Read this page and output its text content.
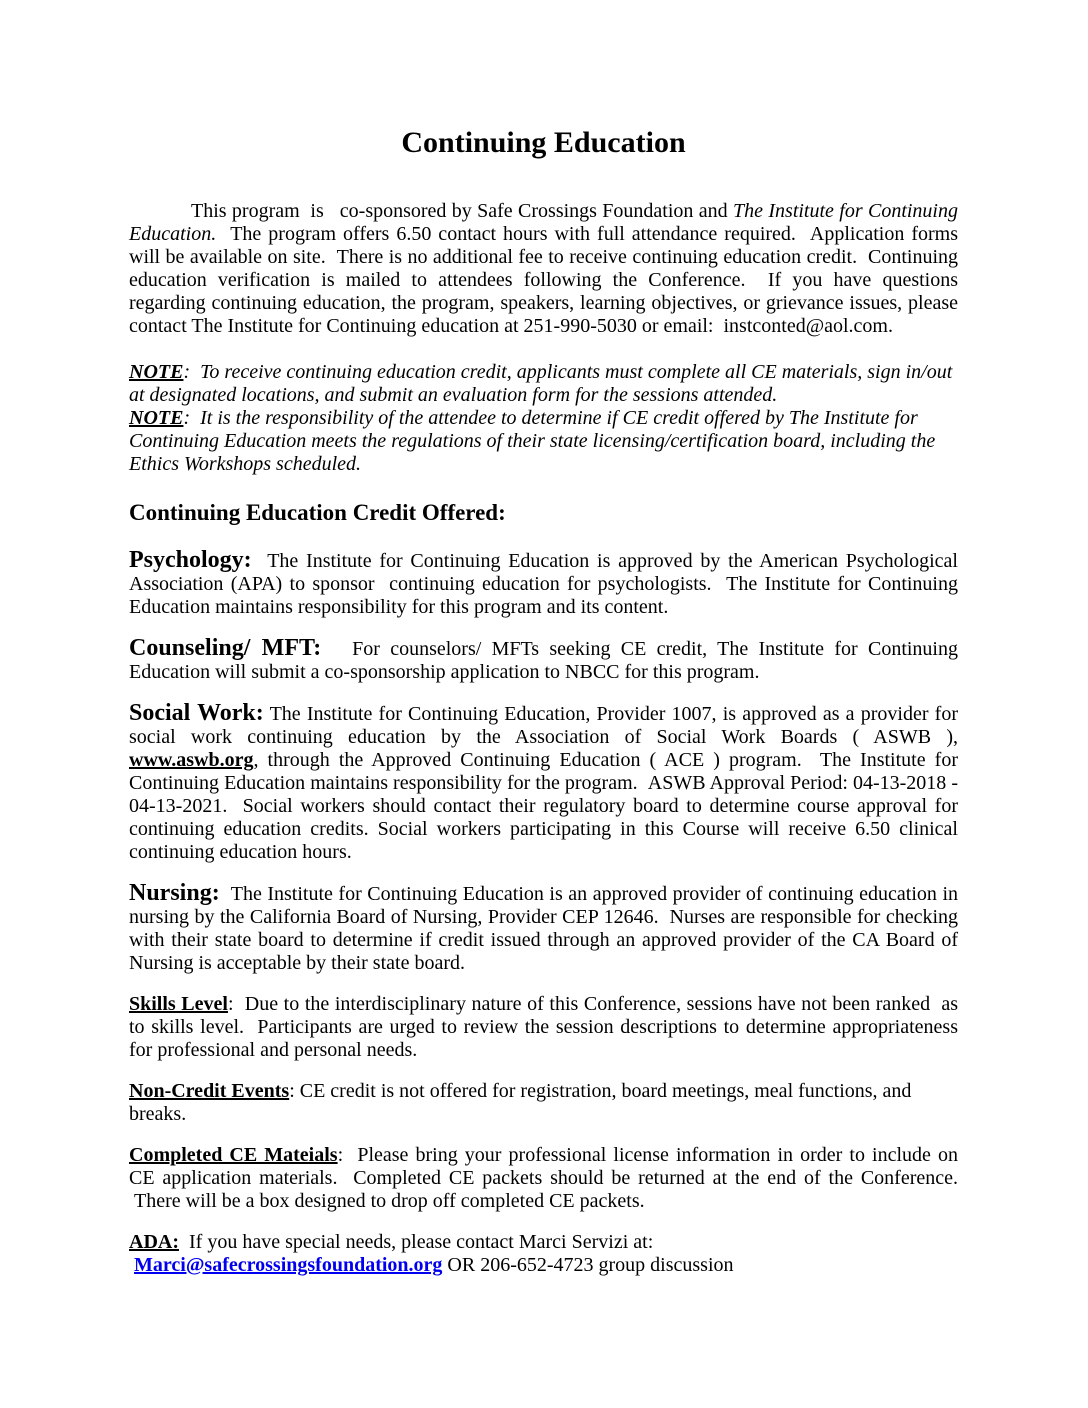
Continuing Education

This program  is   co-sponsored by Safe Crossings Foundation and The Institute for Continuing Education.  The program offers 6.50 contact hours with full attendance required.  Application forms will be available on site.  There is no additional fee to receive continuing education credit.  Continuing education verification is mailed to attendees following the Conference.  If you have questions regarding continuing education, the program, speakers, learning objectives, or grievance issues, please contact The Institute for Continuing education at 251-990-5030 or email:  instconted@aol.com.

NOTE:  To receive continuing education credit, applicants must complete all CE materials, sign in/out at designated locations, and submit an evaluation form for the sessions attended.

NOTE:  It is the responsibility of the attendee to determine if CE credit offered by The Institute for Continuing Education meets the regulations of their state licensing/certification board, including the Ethics Workshops scheduled.

Continuing Education Credit Offered:

Psychology:  The Institute for Continuing Education is approved by the American Psychological Association (APA) to sponsor  continuing education for psychologists.  The Institute for Continuing Education maintains responsibility for this program and its content.

Counseling/ MFT:   For counselors/ MFTs seeking CE credit, The Institute for Continuing Education will submit a co-sponsorship application to NBCC for this program.

Social Work: The Institute for Continuing Education, Provider 1007, is approved as a provider for social work continuing education by the Association of Social Work Boards ( ASWB ), www.aswb.org, through the Approved Continuing Education ( ACE ) program.  The Institute for Continuing Education maintains responsibility for the program.  ASWB Approval Period: 04-13-2018 - 04-13-2021.  Social workers should contact their regulatory board to determine course approval for continuing education credits. Social workers participating in this Course will receive 6.50 clinical continuing education hours.

Nursing:  The Institute for Continuing Education is an approved provider of continuing education in nursing by the California Board of Nursing, Provider CEP 12646.  Nurses are responsible for checking with their state board to determine if credit issued through an approved provider of the CA Board of Nursing is acceptable by their state board.

Skills Level:  Due to the interdisciplinary nature of this Conference, sessions have not been ranked  as to skills level.  Participants are urged to review the session descriptions to determine appropriateness for professional and personal needs.

Non-Credit Events: CE credit is not offered for registration, board meetings, meal functions, and breaks.

Completed CE Mateials:  Please bring your professional license information in order to include on CE application materials.  Completed CE packets should be returned at the end of the Conference.  There will be a box designed to drop off completed CE packets.

ADA:  If you have special needs, please contact Marci Servizi at:  Marci@safecrossingsfoundation.org OR 206-652-4723 group discussion
